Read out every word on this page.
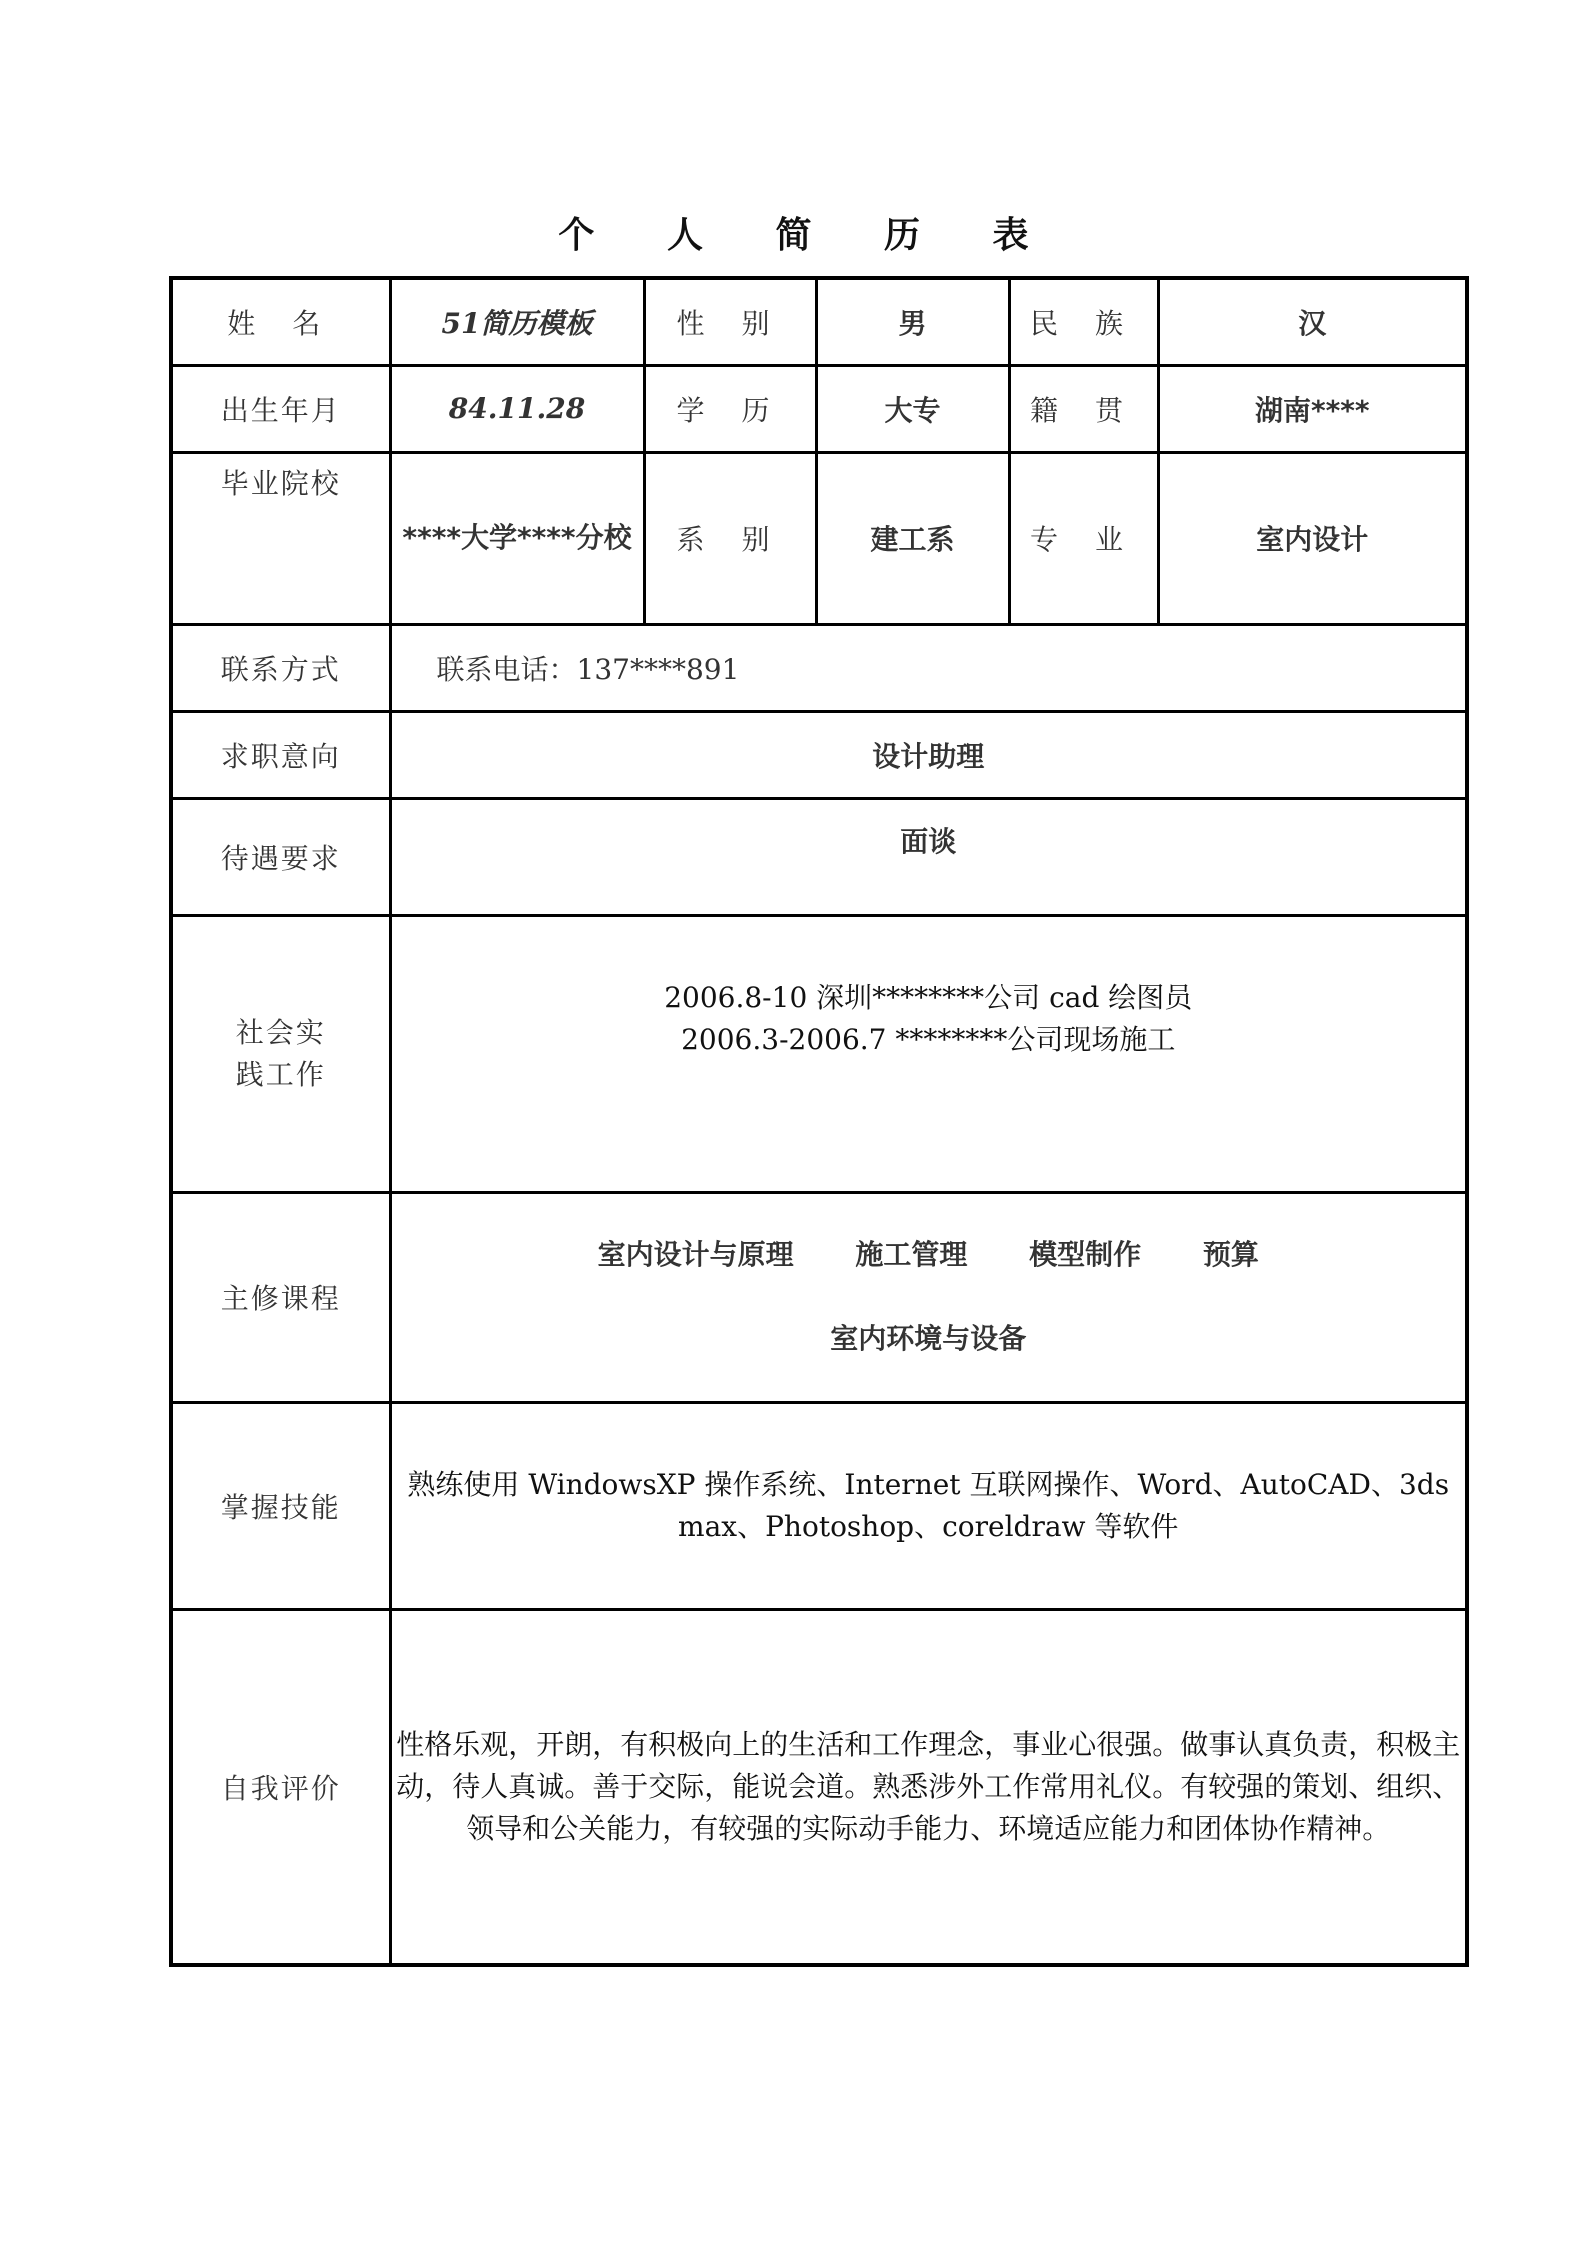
个 人 简 历 表
姓 名	51简历模板	性 别	男	民 族	汉
出生年月	84.11.28	学 历	大专	籍 贯	湖南****
毕业院校	****大学****分校	系 别	建工系	专 业	室内设计
联系方式	联系电话：137****891				
求职意向	设计助理				
待遇要求	面谈				
社会实践工作	2006.8-10 深圳********公司 cad 绘图员
2006.3-2006.7 ********公司现场施工				

主修课程	室内设计与原理 施工管理 模型制作 预算
室内环境与设备				

掌握技能	熟练使用 WindowsXP 操作系统、Internet 互联网操作、Word、AutoCAD、3ds max、Photoshop、coreldraw 等软件				
自我评价	性格乐观，开朗，有积极向上的生活和工作理念，事业心很强。做事认真负责，积极主动，待人真诚。善于交际，能说会道。熟悉涉外工作常用礼仪。有较强的策划、组织、领导和公关能力，有较强的实际动手能力、环境适应能力和团体协作精神。				
